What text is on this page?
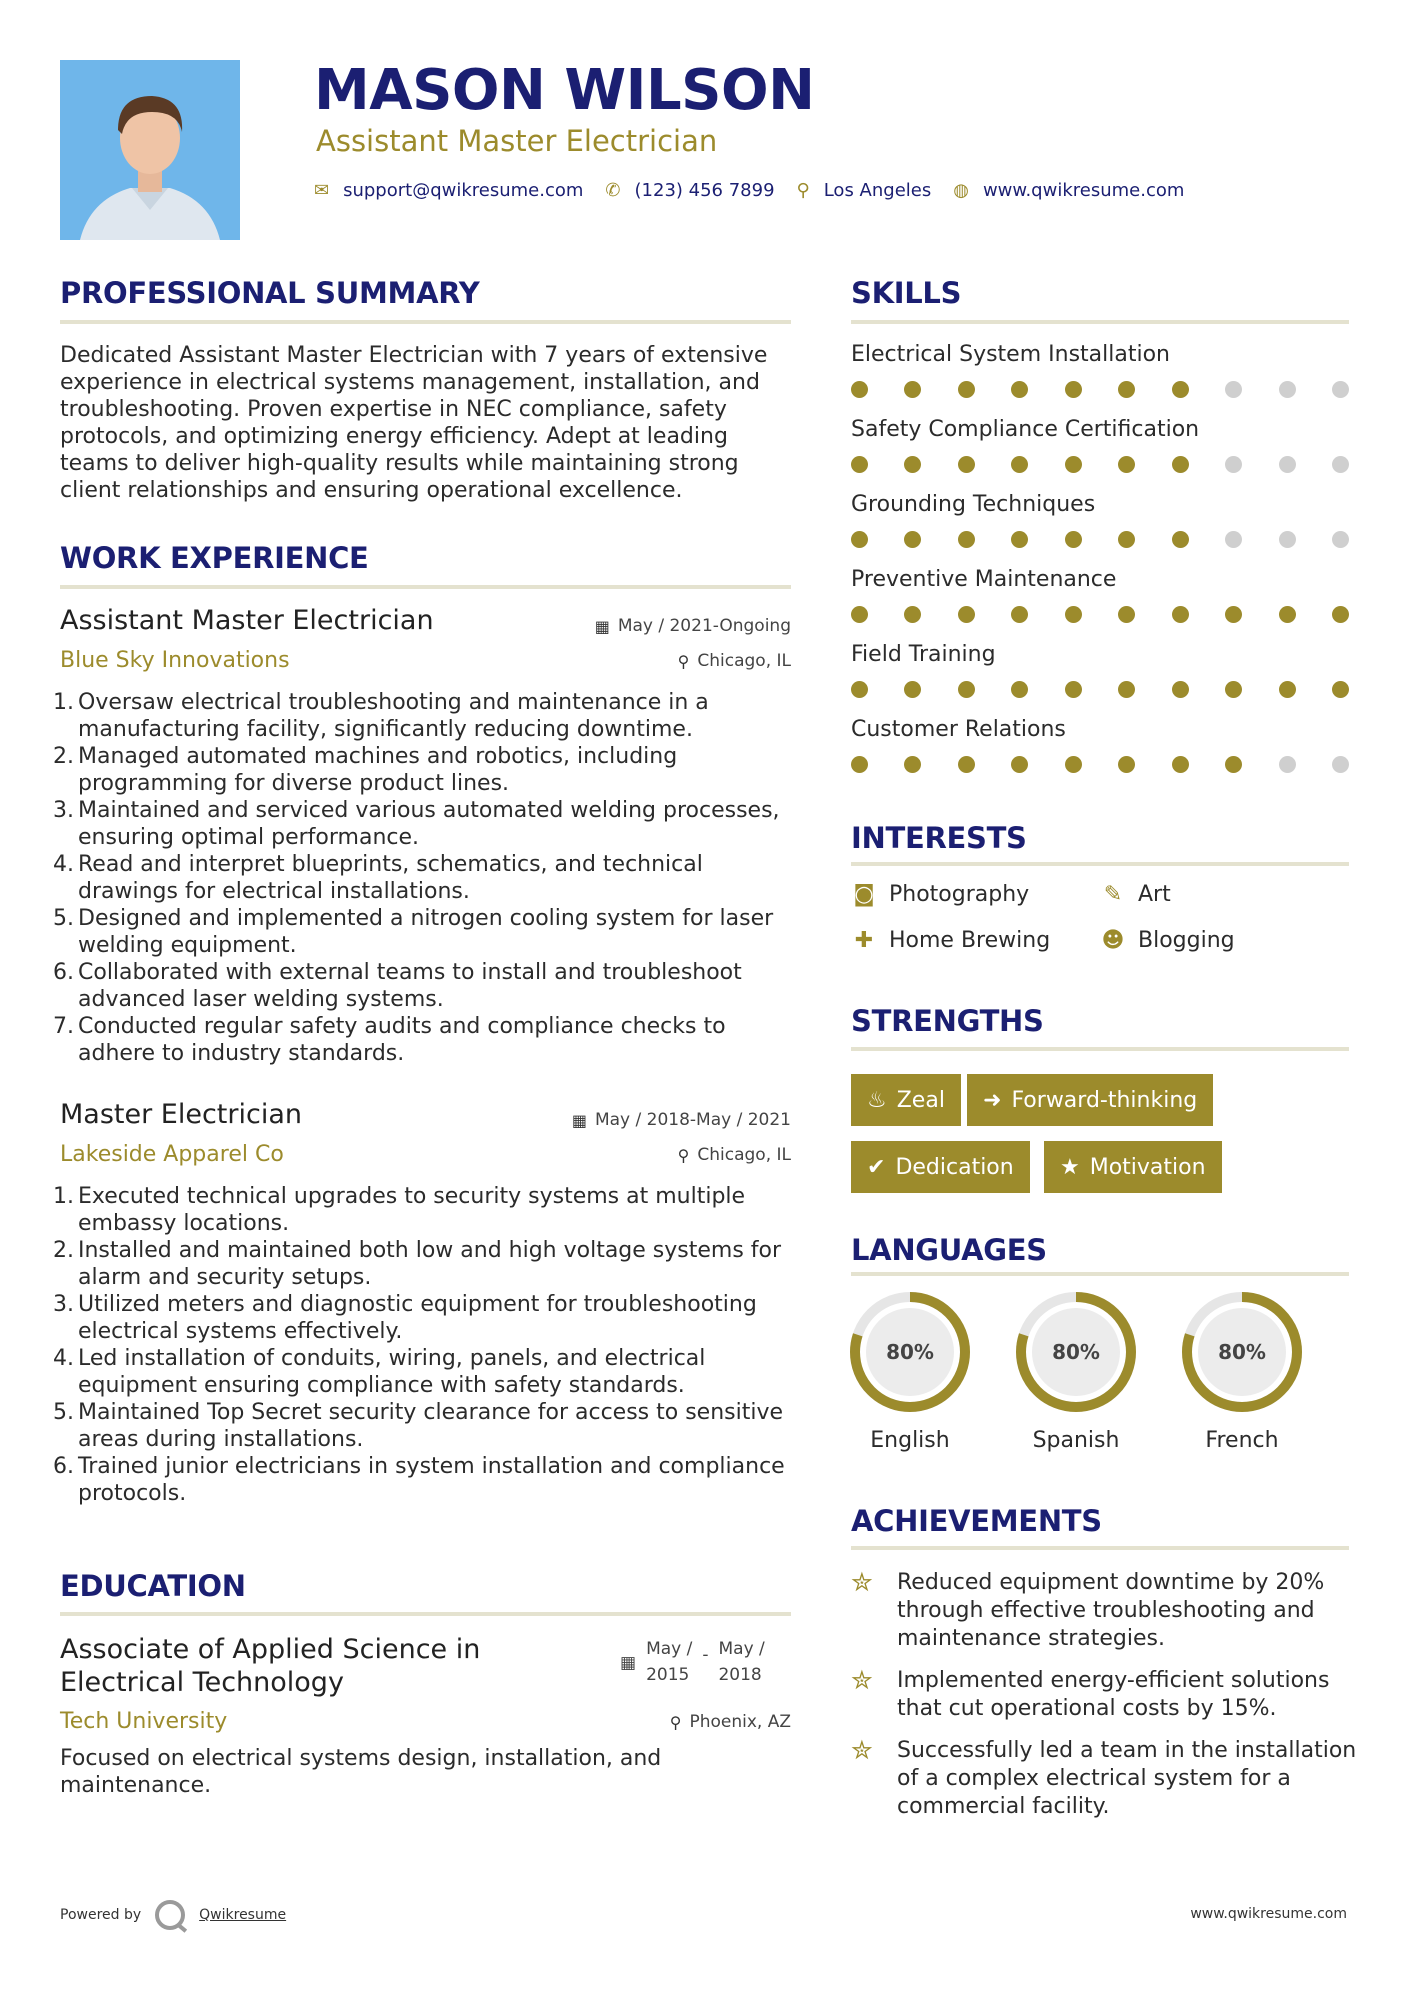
MASON WILSON
Assistant Master Electrician
✉ support@qwikresume.com ✆ (123) 456 7899 ⚲ Los Angeles ◍ www.qwikresume.com
PROFESSIONAL SUMMARY
Dedicated Assistant Master Electrician with 7 years of extensive experience in electrical systems management, installation, and troubleshooting. Proven expertise in NEC compliance, safety protocols, and optimizing energy efficiency. Adept at leading teams to deliver high-quality results while maintaining strong client relationships and ensuring operational excellence.
WORK EXPERIENCE
Assistant Master Electrician	▦ May / 2021-Ongoing
Blue Sky Innovations	⚲ Chicago, IL
Oversaw electrical troubleshooting and maintenance in a manufacturing facility, significantly reducing downtime.
Managed automated machines and robotics, including programming for diverse product lines.
Maintained and serviced various automated welding processes, ensuring optimal performance.
Read and interpret blueprints, schematics, and technical drawings for electrical installations.
Designed and implemented a nitrogen cooling system for laser welding equipment.
Collaborated with external teams to install and troubleshoot advanced laser welding systems.
Conducted regular safety audits and compliance checks to adhere to industry standards.
Master Electrician	▦ May / 2018-May / 2021
Lakeside Apparel Co	⚲ Chicago, IL
Executed technical upgrades to security systems at multiple embassy locations.
Installed and maintained both low and high voltage systems for alarm and security setups.
Utilized meters and diagnostic equipment for troubleshooting electrical systems effectively.
Led installation of conduits, wiring, panels, and electrical equipment ensuring compliance with safety standards.
Maintained Top Secret security clearance for access to sensitive areas during installations.
Trained junior electricians in system installation and compliance protocols.
EDUCATION
Associate of Applied Science in
Electrical Technology
▦
May /
2015
- May /
2018
Tech University	⚲ Phoenix, AZ
Focused on electrical systems design, installation, and maintenance.
SKILLS
Electrical System Installation
Safety Compliance Certification
Grounding Techniques
Preventive Maintenance
Field Training
Customer Relations
INTERESTS
◙ Photography	✎ Art
✚ Home Brewing ☻ Blogging
STRENGTHS
♨ Zeal ➜ Forward-thinking
✔ Dedication ★ Motivation
LANGUAGES
80%
English
80%
Spanish
80%
French
ACHIEVEMENTS
✮	Reduced equipment downtime by 20% through effective troubleshooting and maintenance strategies.
✮	Implemented energy-efficient solutions that cut operational costs by 15%.
✮	Successfully led a team in the installation of a complex electrical system for a commercial facility.
Powered by	Qwikresume	www.qwikresume.com
